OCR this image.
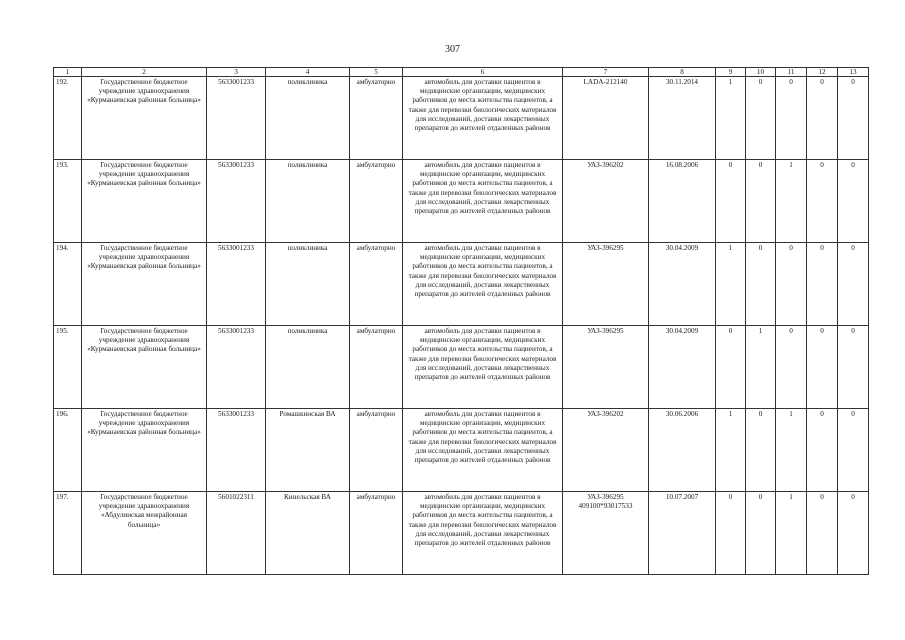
307
1	2	3	4	5	6	7	8	9	10	11	12	13
192.	Государственное бюджетное учреждение здравоохранения «Курманаевская районная больница»	5633001233	поликлиника	амбулаторно	автомобиль для доставки пациентов в медицинские организации, медицинских работников до места жительства пациентов, а также для перевозки биологических материалов для исследований, доставки лекарственных препаратов до жителей отдаленных районов	LADA-212140	30.11.2014	1	0	0	0	0
193.	Государственное бюджетное учреждение здравоохранения «Курманаевская районная больница»	5633001233	поликлиника	амбулаторно	автомобиль для доставки пациентов в медицинские организации, медицинских работников до места жительства пациентов, а также для перевозки биологических материалов для исследований, доставки лекарственных препаратов до жителей отдаленных районов	УАЗ-396202	16.08.2006	0	0	1	0	0
194.	Государственное бюджетное учреждение здравоохранения «Курманаевская районная больница»	5633001233	поликлиника	амбулаторно	автомобиль для доставки пациентов в медицинские организации, медицинских работников до места жительства пациентов, а также для перевозки биологических материалов для исследований, доставки лекарственных препаратов до жителей отдаленных районов	УАЗ-396295	30.04.2009	1	0	0	0	0
195.	Государственное бюджетное учреждение здравоохранения «Курманаевская районная больница»	5633001233	поликлиника	амбулаторно	автомобиль для доставки пациентов в медицинские организации, медицинских работников до места жительства пациентов, а также для перевозки биологических материалов для исследований, доставки лекарственных препаратов до жителей отдаленных районов	УАЗ-396295	30.04.2009	0	1	0	0	0
196.	Государственное бюджетное учреждение здравоохранения «Курманаевская районная больница»	5633001233	Ромашкинская ВА	амбулаторно	автомобиль для доставки пациентов в медицинские организации, медицинских работников до места жительства пациентов, а также для перевозки биологических материалов для исследований, доставки лекарственных препаратов до жителей отдаленных районов	УАЗ-396202	30.06.2006	1	0	1	0	0
197.	Государственное бюджетное учреждение здравоохранения «Абдулинская межрайонная больница»	5601022311	Кинельская ВА	амбулаторно	автомобиль для доставки пациентов в медицинские организации, медицинских работников до места жительства пациентов, а также для перевозки биологических материалов для исследований, доставки лекарственных препаратов до жителей отдаленных районов	УАЗ-396295 409100*93017533	10.07.2007	0	0	1	0	0
